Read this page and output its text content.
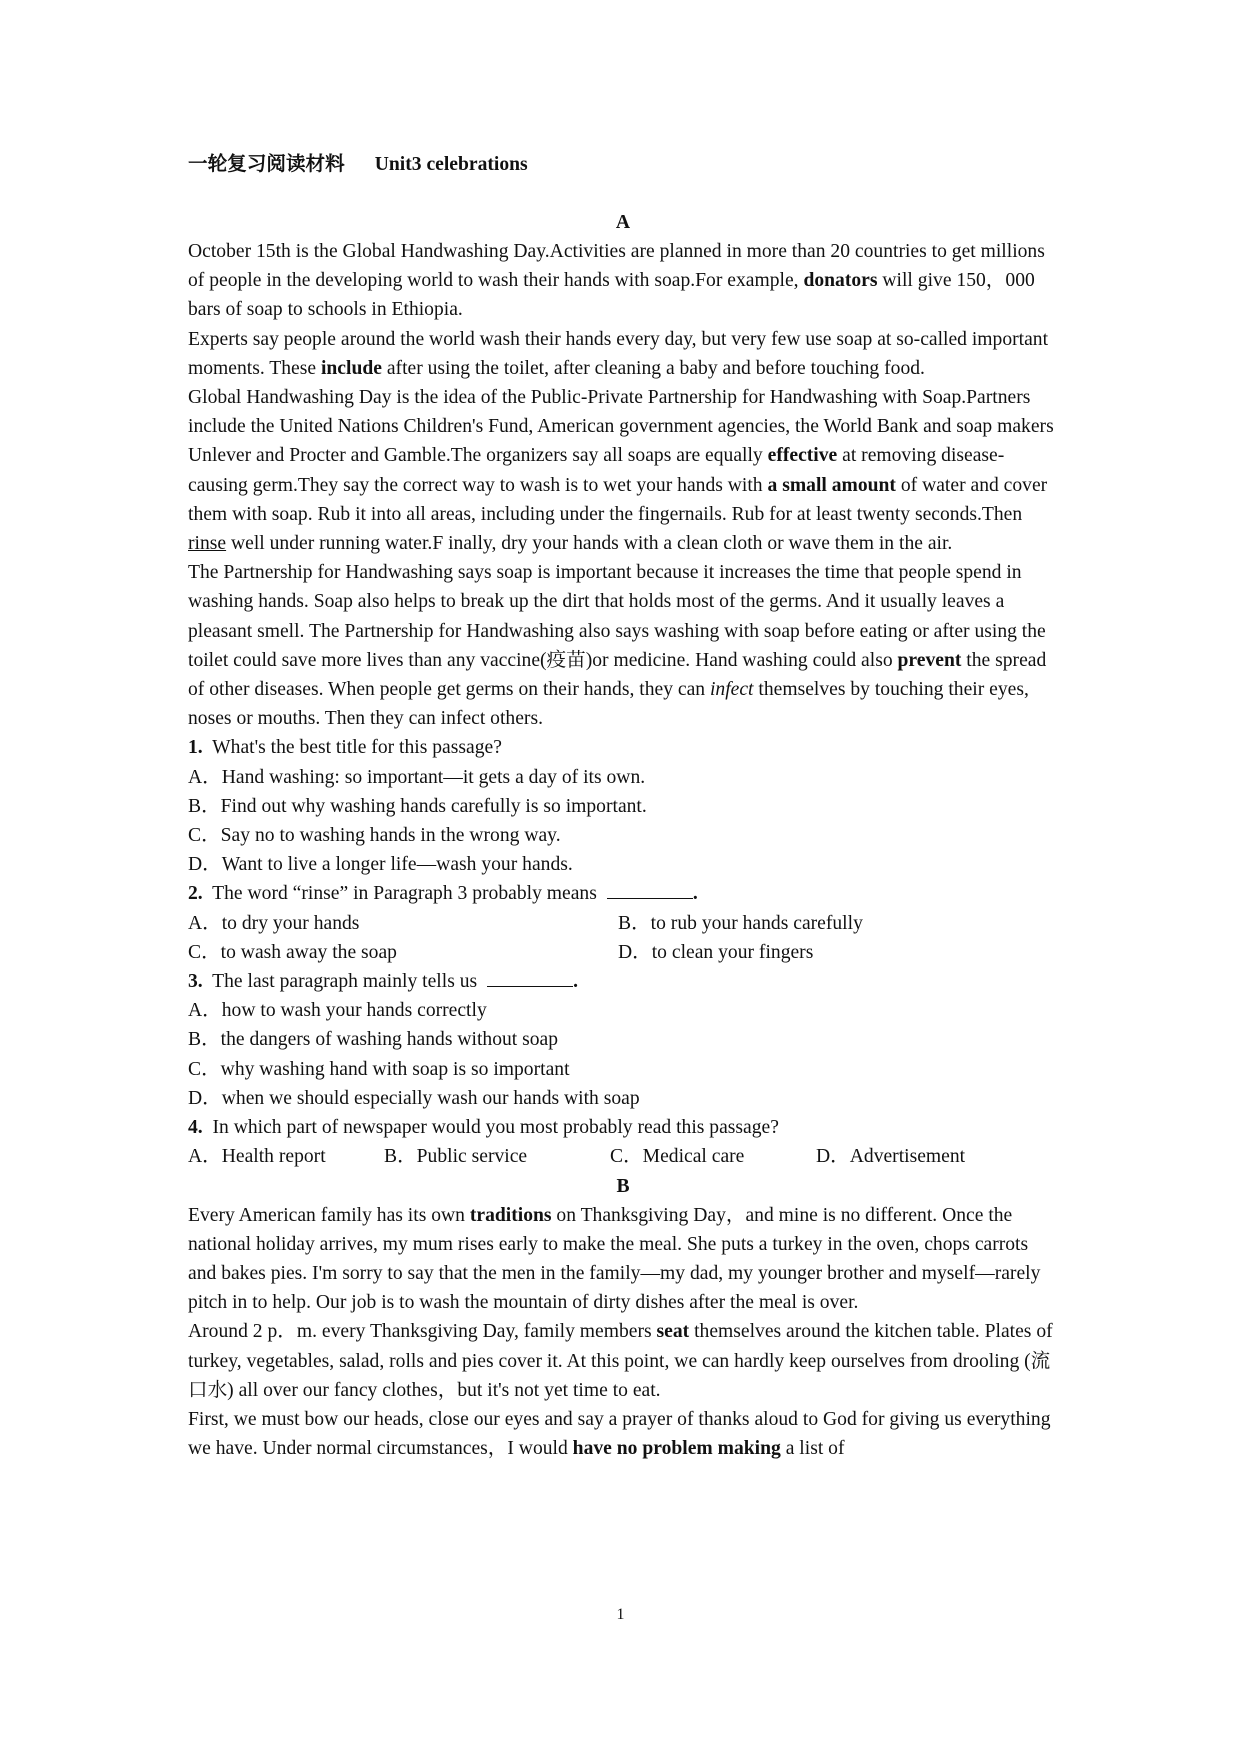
一轮复习阅读材料 Unit3 celebrations
A

October 15th is the Global Handwashing Day.Activities are planned in more than 20 countries to get millions of people in the developing world to wash their hands with soap.For example, donators will give 150，000 bars of soap to schools in Ethiopia.

Experts say people around the world wash their hands every day, but very few use soap at so-called important moments. These include after using the toilet, after cleaning a baby and before touching food.

Global Handwashing Day is the idea of the Public-Private Partnership for Handwashing with Soap.Partners include the United Nations Children's Fund, American government agencies, the World Bank and soap makers Unlever and Procter and Gamble.The organizers say all soaps are equally effective at removing disease-causing germ.They say the correct way to wash is to wet your hands with a small amount of water and cover them with soap. Rub it into all areas, including under the fingernails. Rub for at least twenty seconds.Then rinse well under running water.F inally, dry your hands with a clean cloth or wave them in the air.

The Partnership for Handwashing says soap is important because it increases the time that people spend in washing hands. Soap also helps to break up the dirt that holds most of the germs. And it usually leaves a pleasant smell. The Partnership for Handwashing also says washing with soap before eating or after using the toilet could save more lives than any vaccine(疫苗)or medicine. Hand washing could also prevent the spread of other diseases. When people get germs on their hands, they can infect themselves by touching their eyes, noses or mouths. Then they can infect others.

1. What's the best title for this passage?
A．Hand washing: so important—it gets a day of its own.
B．Find out why washing hands carefully is so important.
C．Say no to washing hands in the wrong way.
D．Want to live a longer life—wash your hands.
2. The word “rinse” in Paragraph 3 probably means	.
A．to dry your hands	B．to rub your hands carefully
C．to wash away the soap	D．to clean your fingers
3. The last paragraph mainly tells us	.
A．how to wash your hands correctly
B．the dangers of washing hands without soap
C．why washing hand with soap is so important
D．when we should especially wash our hands with soap
4. In which part of newspaper would you most probably read this passage?
A．Health report	B．Public service	C．Medical care	D．Advertisement
B

Every American family has its own traditions on Thanksgiving Day，and mine is no different. Once the national holiday arrives, my mum rises early to make the meal. She puts a turkey in the oven, chops carrots and bakes pies. I'm sorry to say that the men in the family—my dad, my younger brother and myself—rarely pitch in to help. Our job is to wash the mountain of dirty dishes after the meal is over.

Around 2 p．m. every Thanksgiving Day, family members seat themselves around the kitchen table. Plates of turkey, vegetables, salad, rolls and pies cover it. At this point, we can hardly keep ourselves from drooling (流口水) all over our fancy clothes，but it's not yet time to eat.

First, we must bow our heads, close our eyes and say a prayer of thanks aloud to God for giving us everything we have. Under normal circumstances，I would have no problem making a list of

1
